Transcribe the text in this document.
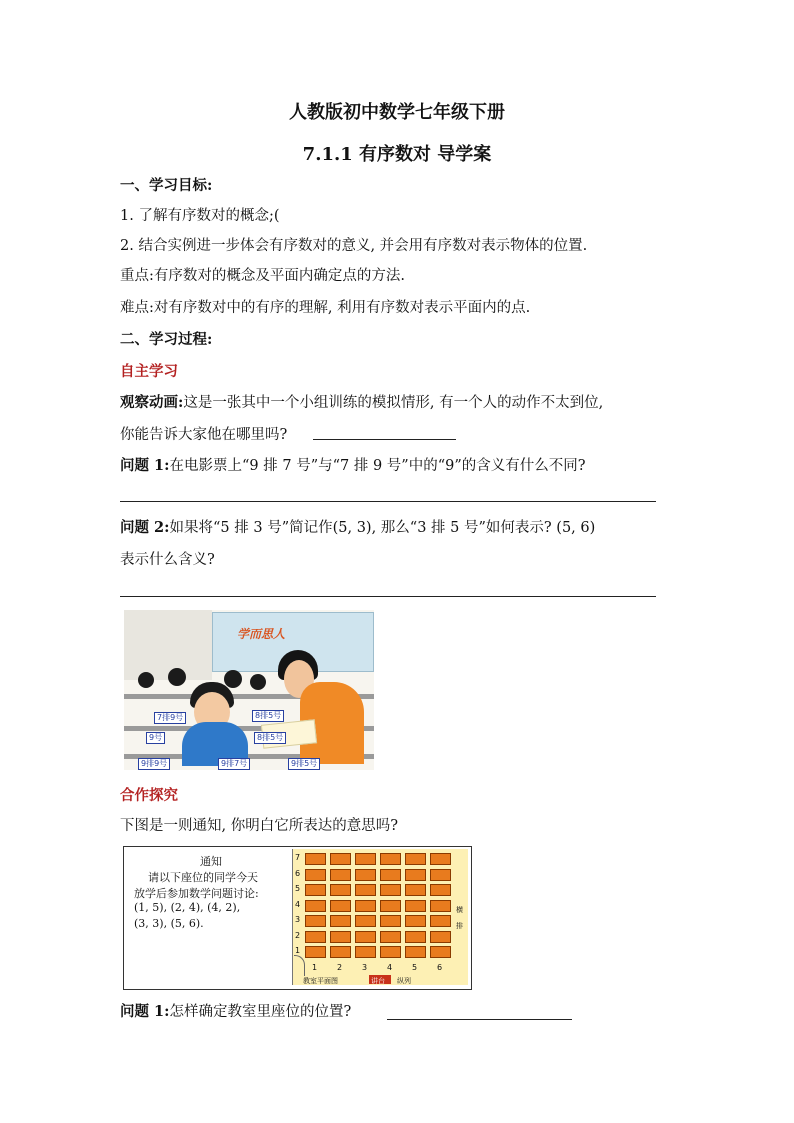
人教版初中数学七年级下册
7.1.1 有序数对 导学案
一、学习目标:
1. 了解有序数对的概念;(
2. 结合实例进一步体会有序数对的意义, 并会用有序数对表示物体的位置.
重点:有序数对的概念及平面内确定点的方法.
难点:对有序数对中的有序的理解, 利用有序数对表示平面内的点.
二、学习过程:
自主学习
观察动画:这是一张其中一个小组训练的模拟情形, 有一个人的动作不太到位,
你能告诉大家他在哪里吗?
问题 1:在电影票上“9 排 7 号”与“7 排 9 号”中的“9”的含义有什么不同?
问题 2:如果将“5 排 3 号”简记作(5, 3), 那么“3 排 5 号”如何表示? (5, 6)
表示什么含义?
学而思人
7排9号	8排5号
9号	8排5号
9排9号	9排7号	9排5号
合作探究
下图是一则通知, 你明白它所表达的意思吗?
通知
请以下座位的同学今天
放学后参加数学问题讨论:
(1, 5), (2, 4), (4, 2),
(3, 3), (5, 6).
横
排
教室平面图	讲台 纵列
7
6
5
4
3
2
1
1 2 3 4 5 6
问题 1:怎样确定教室里座位的位置?
